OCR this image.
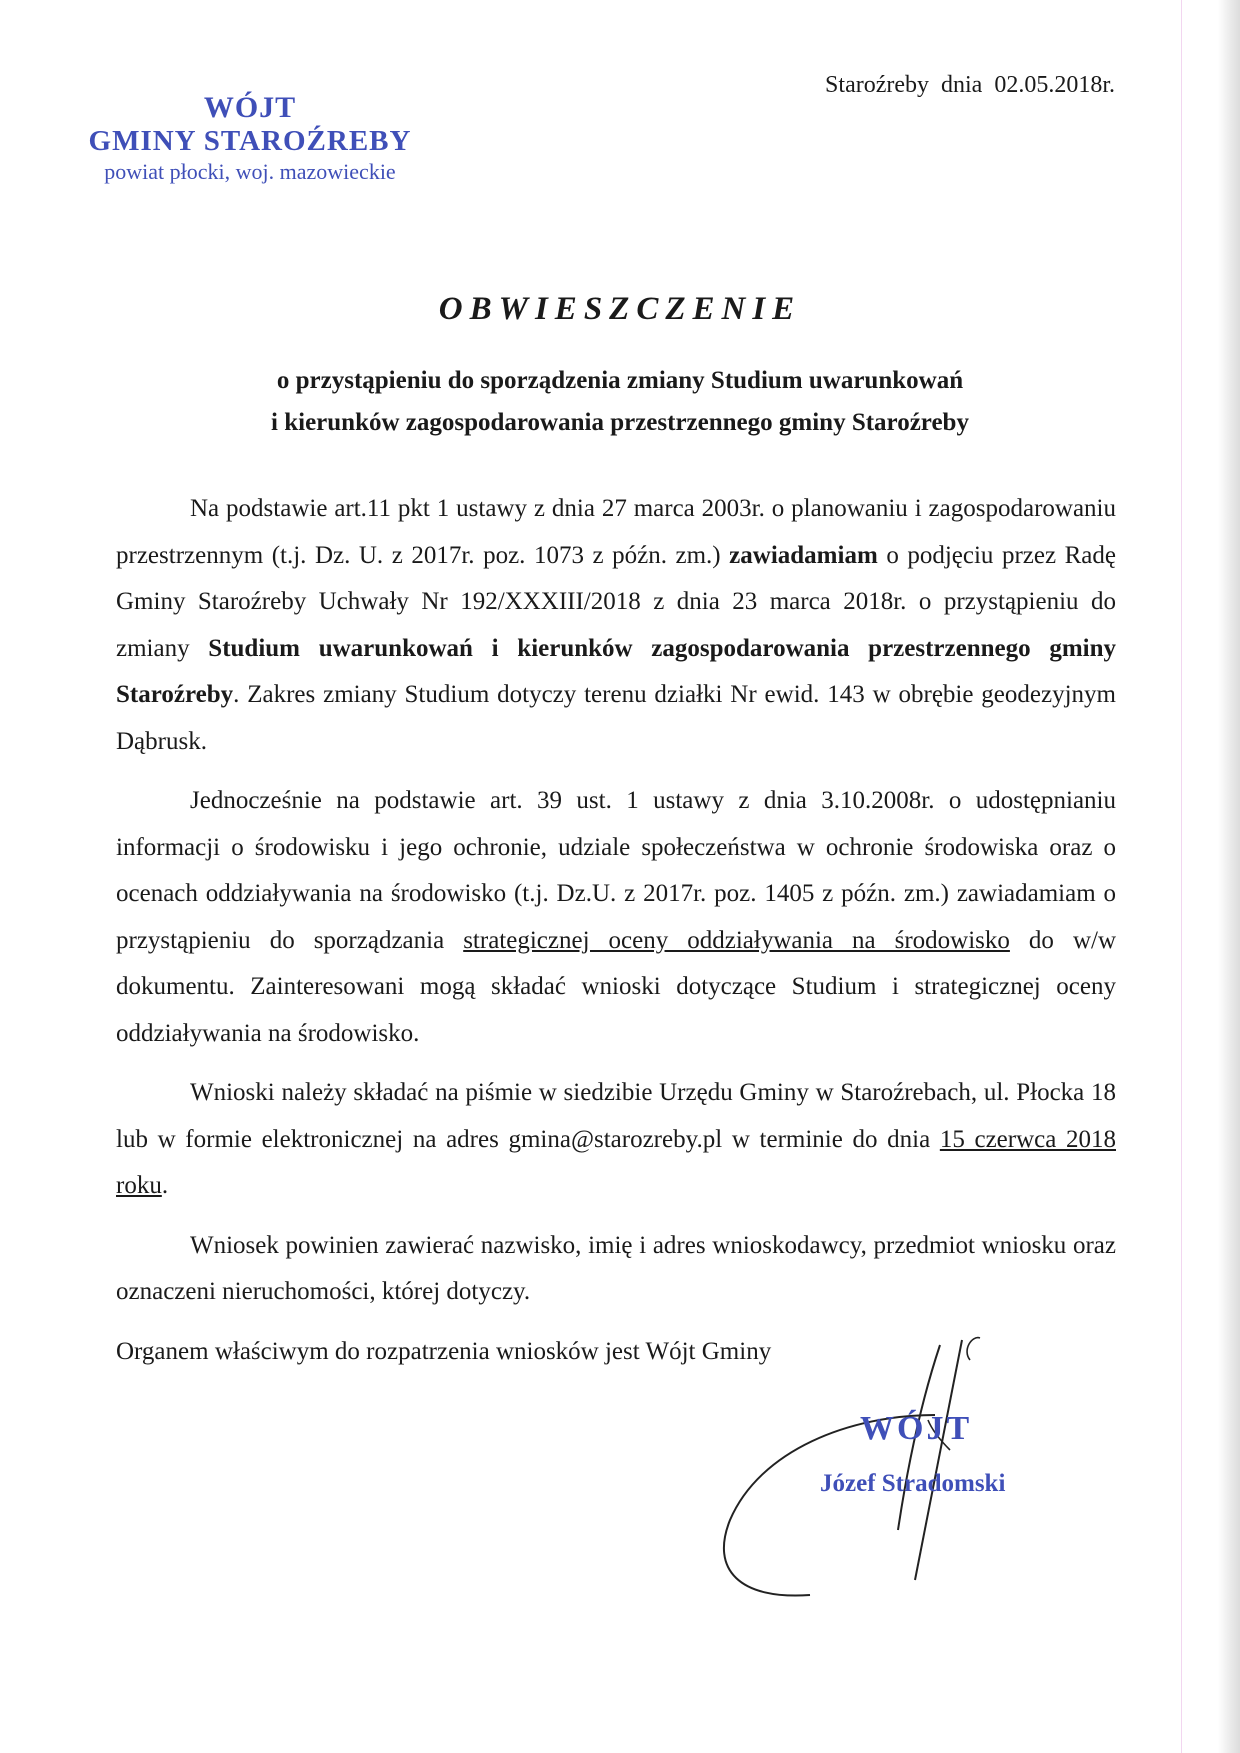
WÓJT
GMINY STAROŹREBY
powiat płocki, woj. mazowieckie
Staroźreby dnia 02.05.2018r.
OBWIESZCZENIE
o przystąpieniu do sporządzenia zmiany Studium uwarunkowań
i kierunków zagospodarowania przestrzennego gminy Staroźreby

Na podstawie art.11 pkt 1 ustawy z dnia 27 marca 2003r. o planowaniu i zagospodarowaniu przestrzennym (t.j. Dz. U. z 2017r. poz. 1073 z późn. zm.) zawiadamiam o podjęciu przez Radę Gminy Staroźreby Uchwały Nr 192/XXXIII/2018 z dnia 23 marca 2018r. o przystąpieniu do zmiany Studium uwarunkowań i kierunków zagospodarowania przestrzennego gminy Staroźreby. Zakres zmiany Studium dotyczy terenu działki Nr ewid. 143 w obrębie geodezyjnym Dąbrusk.

Jednocześnie na podstawie art. 39 ust. 1 ustawy z dnia 3.10.2008r. o udostępnianiu informacji o środowisku i jego ochronie, udziale społeczeństwa w ochronie środowiska oraz o ocenach oddziaływania na środowisko (t.j. Dz.U. z 2017r. poz. 1405 z późn. zm.) zawiadamiam o przystąpieniu do sporządzania strategicznej oceny oddziaływania na środowisko do w/w dokumentu. Zainteresowani mogą składać wnioski dotyczące Studium i strategicznej oceny oddziaływania na środowisko.

Wnioski należy składać na piśmie w siedzibie Urzędu Gminy w Staroźrebach, ul. Płocka 18 lub w formie elektronicznej na adres gmina@starozreby.pl w terminie do dnia 15 czerwca 2018 roku.

Wniosek powinien zawierać nazwisko, imię i adres wnioskodawcy, przedmiot wniosku oraz oznaczeni nieruchomości, której dotyczy.

Organem właściwym do rozpatrzenia wniosków jest Wójt Gminy

WÓJT
Józef Stradomski
